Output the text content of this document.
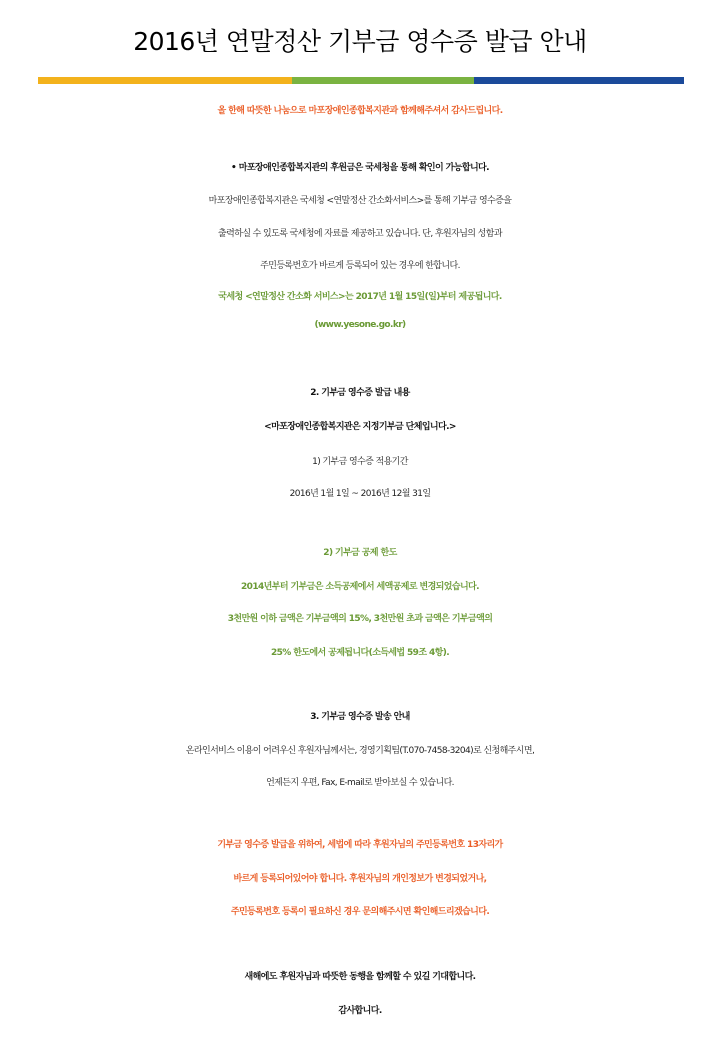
2016년 연말정산 기부금 영수증 발급 안내
올 한해 따뜻한 나눔으로 마포장애인종합복지관과 함께해주셔서 감사드립니다.
• 마포장애인종합복지관의 후원금은 국세청을 통해 확인이 가능합니다.
마포장애인종합복지관은 국세청 <연말정산 간소화서비스>를 통해 기부금 영수증을
출력하실 수 있도록 국세청에 자료를 제공하고 있습니다. 단, 후원자님의 성함과
주민등록번호가 바르게 등록되어 있는 경우에 한합니다.
국세청 <연말정산 간소화 서비스>는 2017년 1월 15일(일)부터 제공됩니다.
(www.yesone.go.kr)
2. 기부금 영수증 발급 내용
<마포장애인종합복지관은 지정기부금 단체입니다.>
1) 기부금 영수증 적용기간
2016년 1월 1일 ~ 2016년 12월 31일
2) 기부금 공제 한도
2014년부터 기부금은 소득공제에서 세액공제로 변경되었습니다.
3천만원 이하 금액은 기부금액의 15%, 3천만원 초과 금액은 기부금액의
25% 한도에서 공제됩니다(소득세법 59조 4항).
3. 기부금 영수증 발송 안내
온라인서비스 이용이 어려우신 후원자님께서는, 경영기획팀(T.070-7458-3204)로 신청해주시면,
언제든지 우편, Fax, E-mail로 받아보실 수 있습니다.
기부금 영수증 발급을 위하여, 세법에 따라 후원자님의 주민등록번호 13자리가
바르게 등록되어있어야 합니다. 후원자님의 개인정보가 변경되었거나,
주민등록번호 등록이 필요하신 경우 문의해주시면 확인해드리겠습니다.
새해에도 후원자님과 따뜻한 동행을 함께할 수 있길 기대합니다.
감사합니다.
